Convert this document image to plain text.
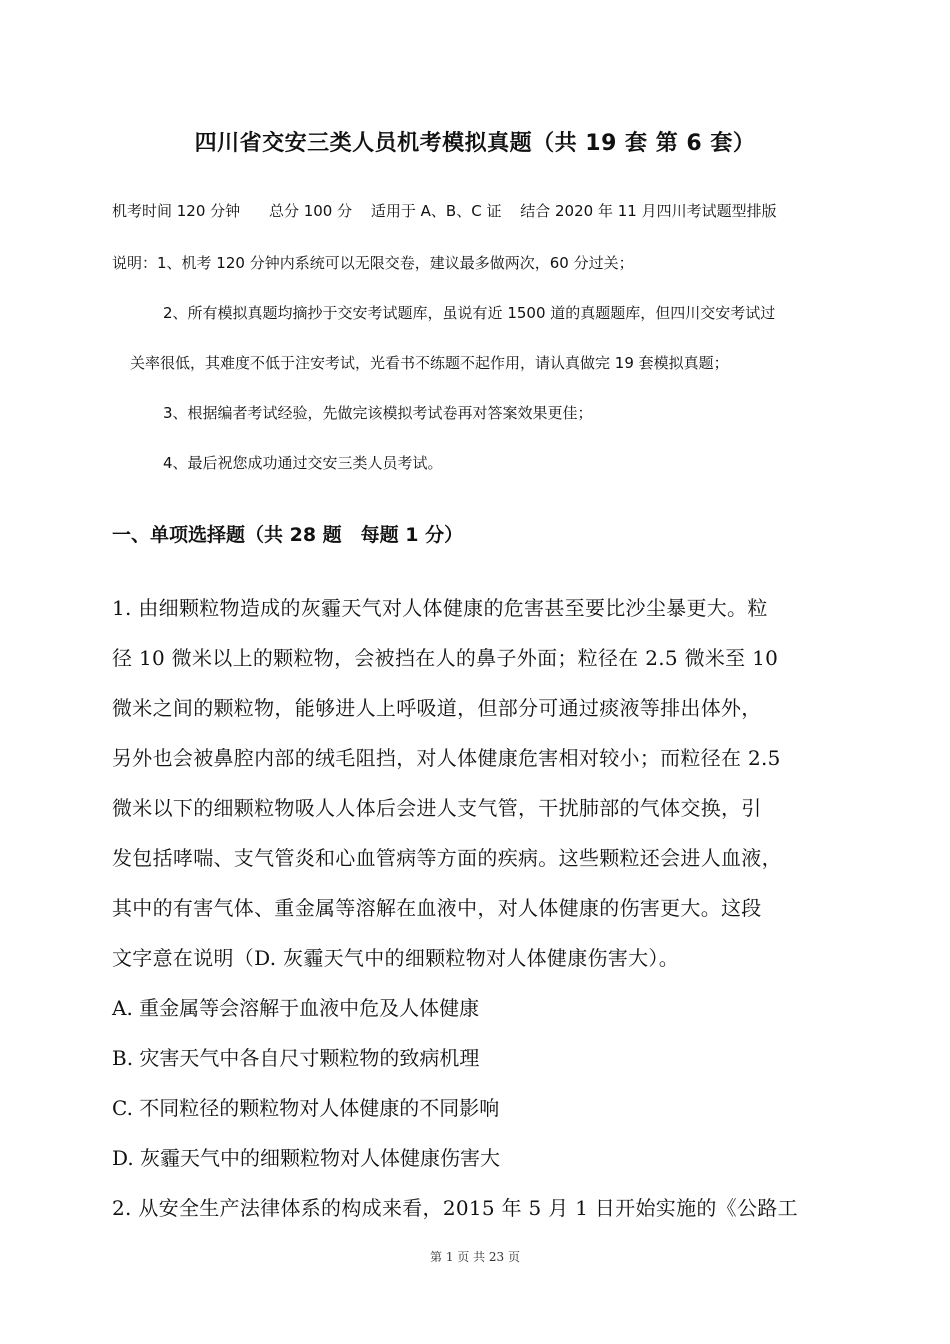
四川省交安三类人员机考模拟真题（共 19 套 第 6 套）
机考时间 120 分钟 总分 100 分 适用于 A、B、C 证 结合 2020 年 11 月四川考试题型排版
说明：1、机考 120 分钟内系统可以无限交卷，建议最多做两次，60 分过关；
2、所有模拟真题均摘抄于交安考试题库，虽说有近 1500 道的真题题库，但四川交安考试过
关率很低，其难度不低于注安考试，光看书不练题不起作用，请认真做完 19 套模拟真题；
3、根据编者考试经验，先做完该模拟考试卷再对答案效果更佳；
4、最后祝您成功通过交安三类人员考试。
一、单项选择题（共 28 题　每题 1 分）
1. 由细颗粒物造成的灰霾天气对人体健康的危害甚至要比沙尘暴更大。粒
径 10 微米以上的颗粒物，会被挡在人的鼻子外面；粒径在 2.5 微米至 10
微米之间的颗粒物，能够进人上呼吸道，但部分可通过痰液等排出体外，
另外也会被鼻腔内部的绒毛阻挡，对人体健康危害相对较小；而粒径在 2.5
微米以下的细颗粒物吸人人体后会进人支气管，干扰肺部的气体交换，引
发包括哮喘、支气管炎和心血管病等方面的疾病。这些颗粒还会进人血液，
其中的有害气体、重金属等溶解在血液中，对人体健康的伤害更大。这段
文字意在说明（D. 灰霾天气中的细颗粒物对人体健康伤害大）。
A. 重金属等会溶解于血液中危及人体健康
B. 灾害天气中各自尺寸颗粒物的致病机理
C. 不同粒径的颗粒物对人体健康的不同影响
D. 灰霾天气中的细颗粒物对人体健康伤害大
2. 从安全生产法律体系的构成来看，2015 年 5 月 1 日开始实施的《公路工
第 1 页 共 23 页
